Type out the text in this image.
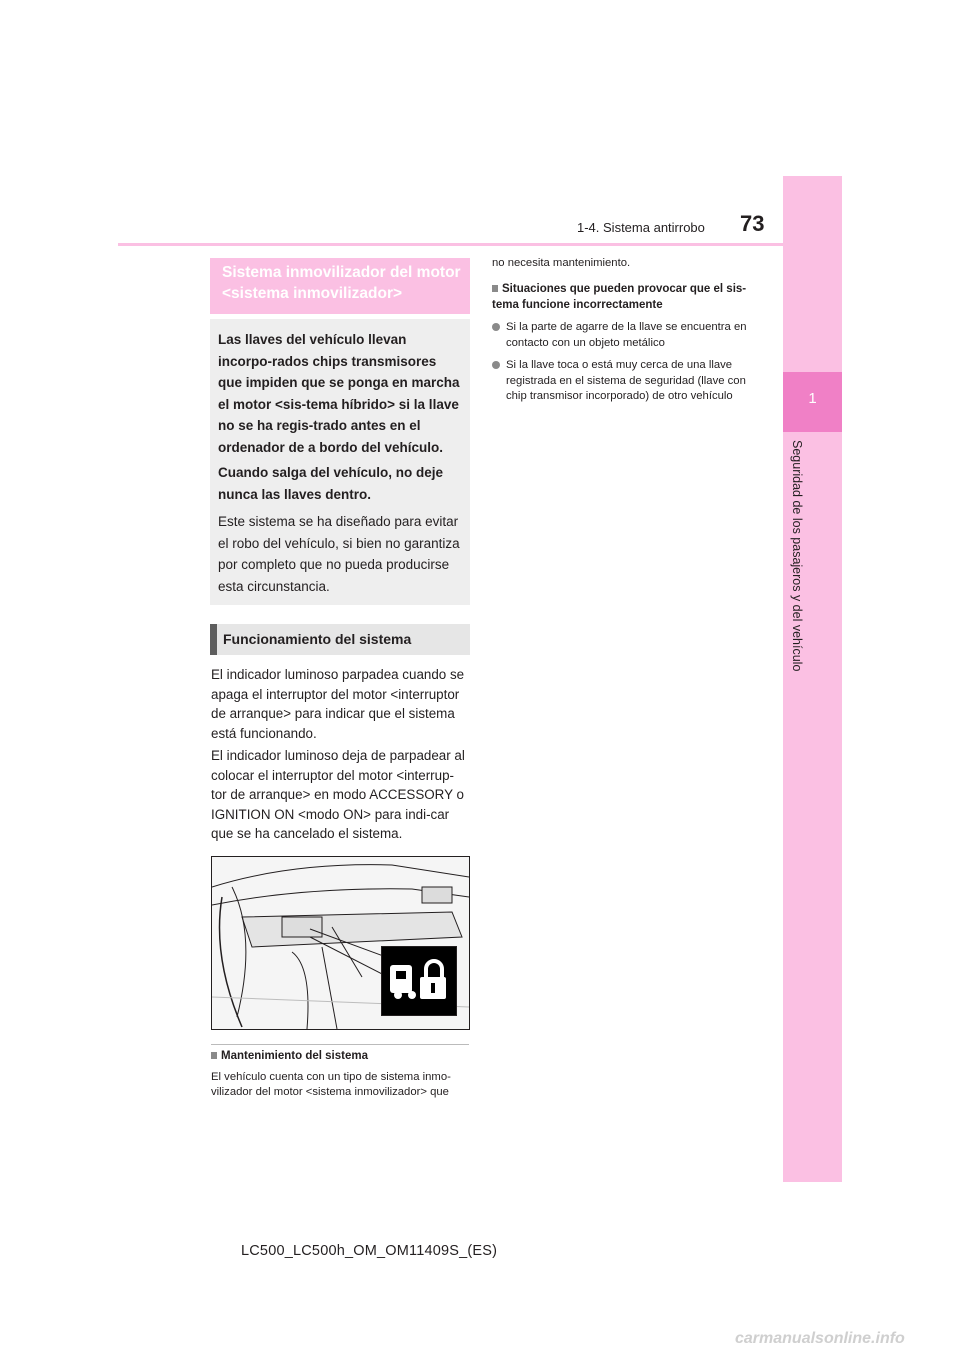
1
Seguridad de los pasajeros y del vehículo
73
1-4. Sistema antirrobo
Sistema inmovilizador del motor <sistema inmovilizador>
Las llaves del vehículo llevan incorpo-rados chips transmisores que impiden que se ponga en marcha el motor <sis-tema híbrido> si la llave no se ha regis-trado antes en el ordenador de a bordo del vehículo.
Cuando salga del vehículo, no deje nunca las llaves dentro.
Este sistema se ha diseñado para evitar el robo del vehículo, si bien no garantiza por completo que no pueda producirse esta circunstancia.
Funcionamiento del sistema
El indicador luminoso parpadea cuando se apaga el interruptor del motor <interruptor de arranque> para indicar que el sistema está funcionando.
El indicador luminoso deja de parpadear al colocar el interruptor del motor <interrup-tor de arranque> en modo ACCESSORY o IGNITION ON <modo ON> para indi-car que se ha cancelado el sistema.
Mantenimiento del sistema
El vehículo cuenta con un tipo de sistema inmo-vilizador del motor <sistema inmovilizador> que
no necesita mantenimiento.
Situaciones que pueden provocar que el sis-tema funcione incorrectamente
Si la parte de agarre de la llave se encuentra en contacto con un objeto metálico
Si la llave toca o está muy cerca de una llave registrada en el sistema de seguridad (llave con chip transmisor incorporado) de otro vehículo
LC500_LC500h_OM_OM11409S_(ES)
carmanualsonline.info
